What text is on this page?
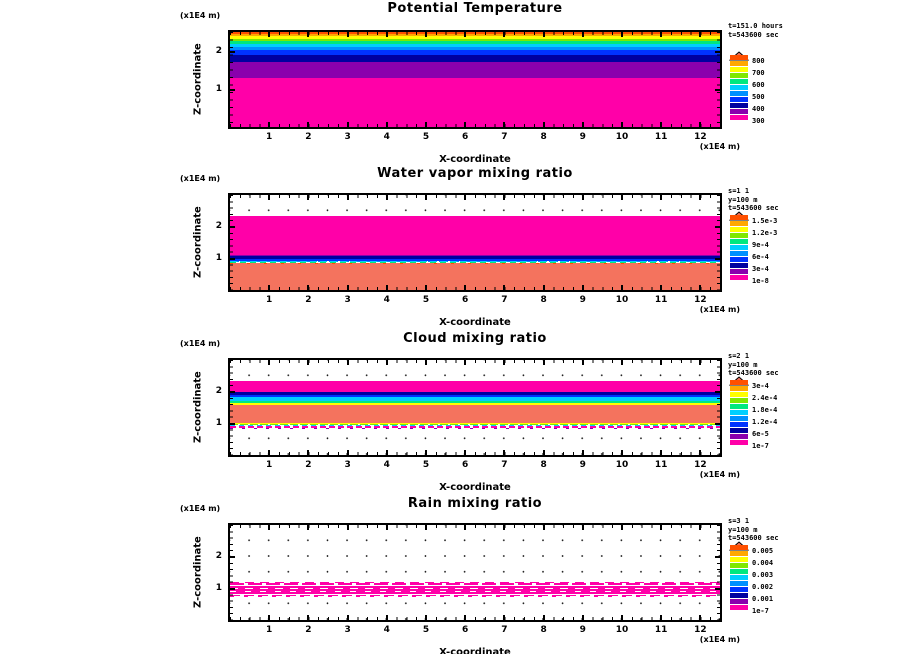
Potential Temperature
(x1E4 m)
Z-coordinate	1
2
1	2	3	4	5	6	7	8	9	10	11	12
(x1E4 m)
X-coordinate
t=151.0 hours
t=543600 sec
800
700
600
500
400
300
Water vapor mixing ratio
(x1E4 m)
Z-coordinate	1
2
1	2	3	4	5	6	7	8	9	10	11	12
(x1E4 m)
X-coordinate
s=1 1
y=100 m
t=543600 sec
1.5e-3
1.2e-3
9e-4
6e-4
3e-4
1e-8
Cloud mixing ratio
(x1E4 m)
Z-coordinate	1
2
1	2	3	4	5	6	7	8	9	10	11	12
(x1E4 m)
X-coordinate
s=2 1
y=100 m
t=543600 sec
3e-4
2.4e-4
1.8e-4
1.2e-4
6e-5
1e-7
Rain mixing ratio
(x1E4 m)
Z-coordinate	1
2
1	2	3	4	5	6	7	8	9	10	11	12
(x1E4 m)
X-coordinate
s=3 1
y=100 m
t=543600 sec
0.005
0.004
0.003
0.002
0.001
1e-7
